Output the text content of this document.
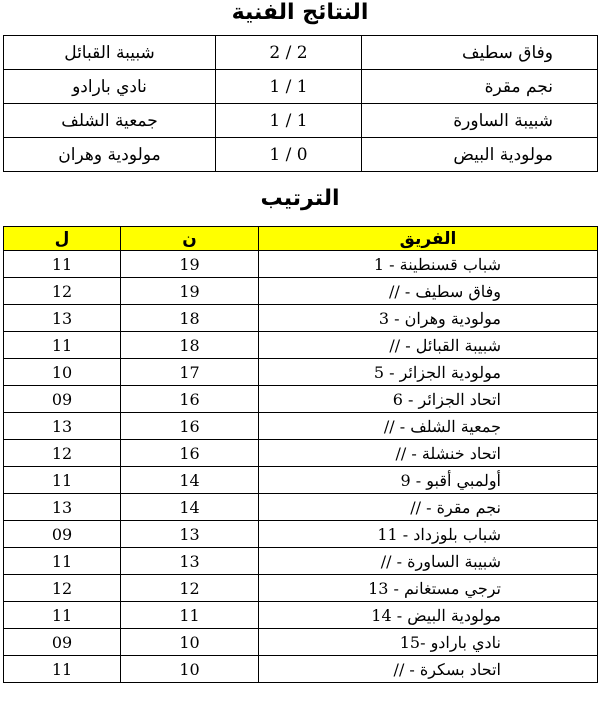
النتائج الفنية
شبيبة القبائل	2 / 2	وفاق سطيف
نادي بارادو	1 / 1	نجم مقرة
جمعية الشلف	1 / 1	شبيبة الساورة
مولودية وهران	1 / 0	مولودية البيض
الترتيب
ل	ن	الفريق
11	19	1 - شباب قسنطينة
12	19	// - وفاق سطيف
13	18	3 - مولودية وهران
11	18	// - شبيبة القبائل
10	17	5 - مولودية الجزائر
09	16	6 - اتحاد الجزائر
13	16	// - جمعية الشلف
12	16	// - اتحاد خنشلة
11	14	9 - أولمبي أقبو
13	14	// - نجم مقرة
09	13	11 - شباب بلوزداد
11	13	// - شبيبة الساورة
12	12	13 - ترجي مستغانم
11	11	14 - مولودية البيض
09	10	15- نادي بارادو
11	10	// - اتحاد بسكرة
